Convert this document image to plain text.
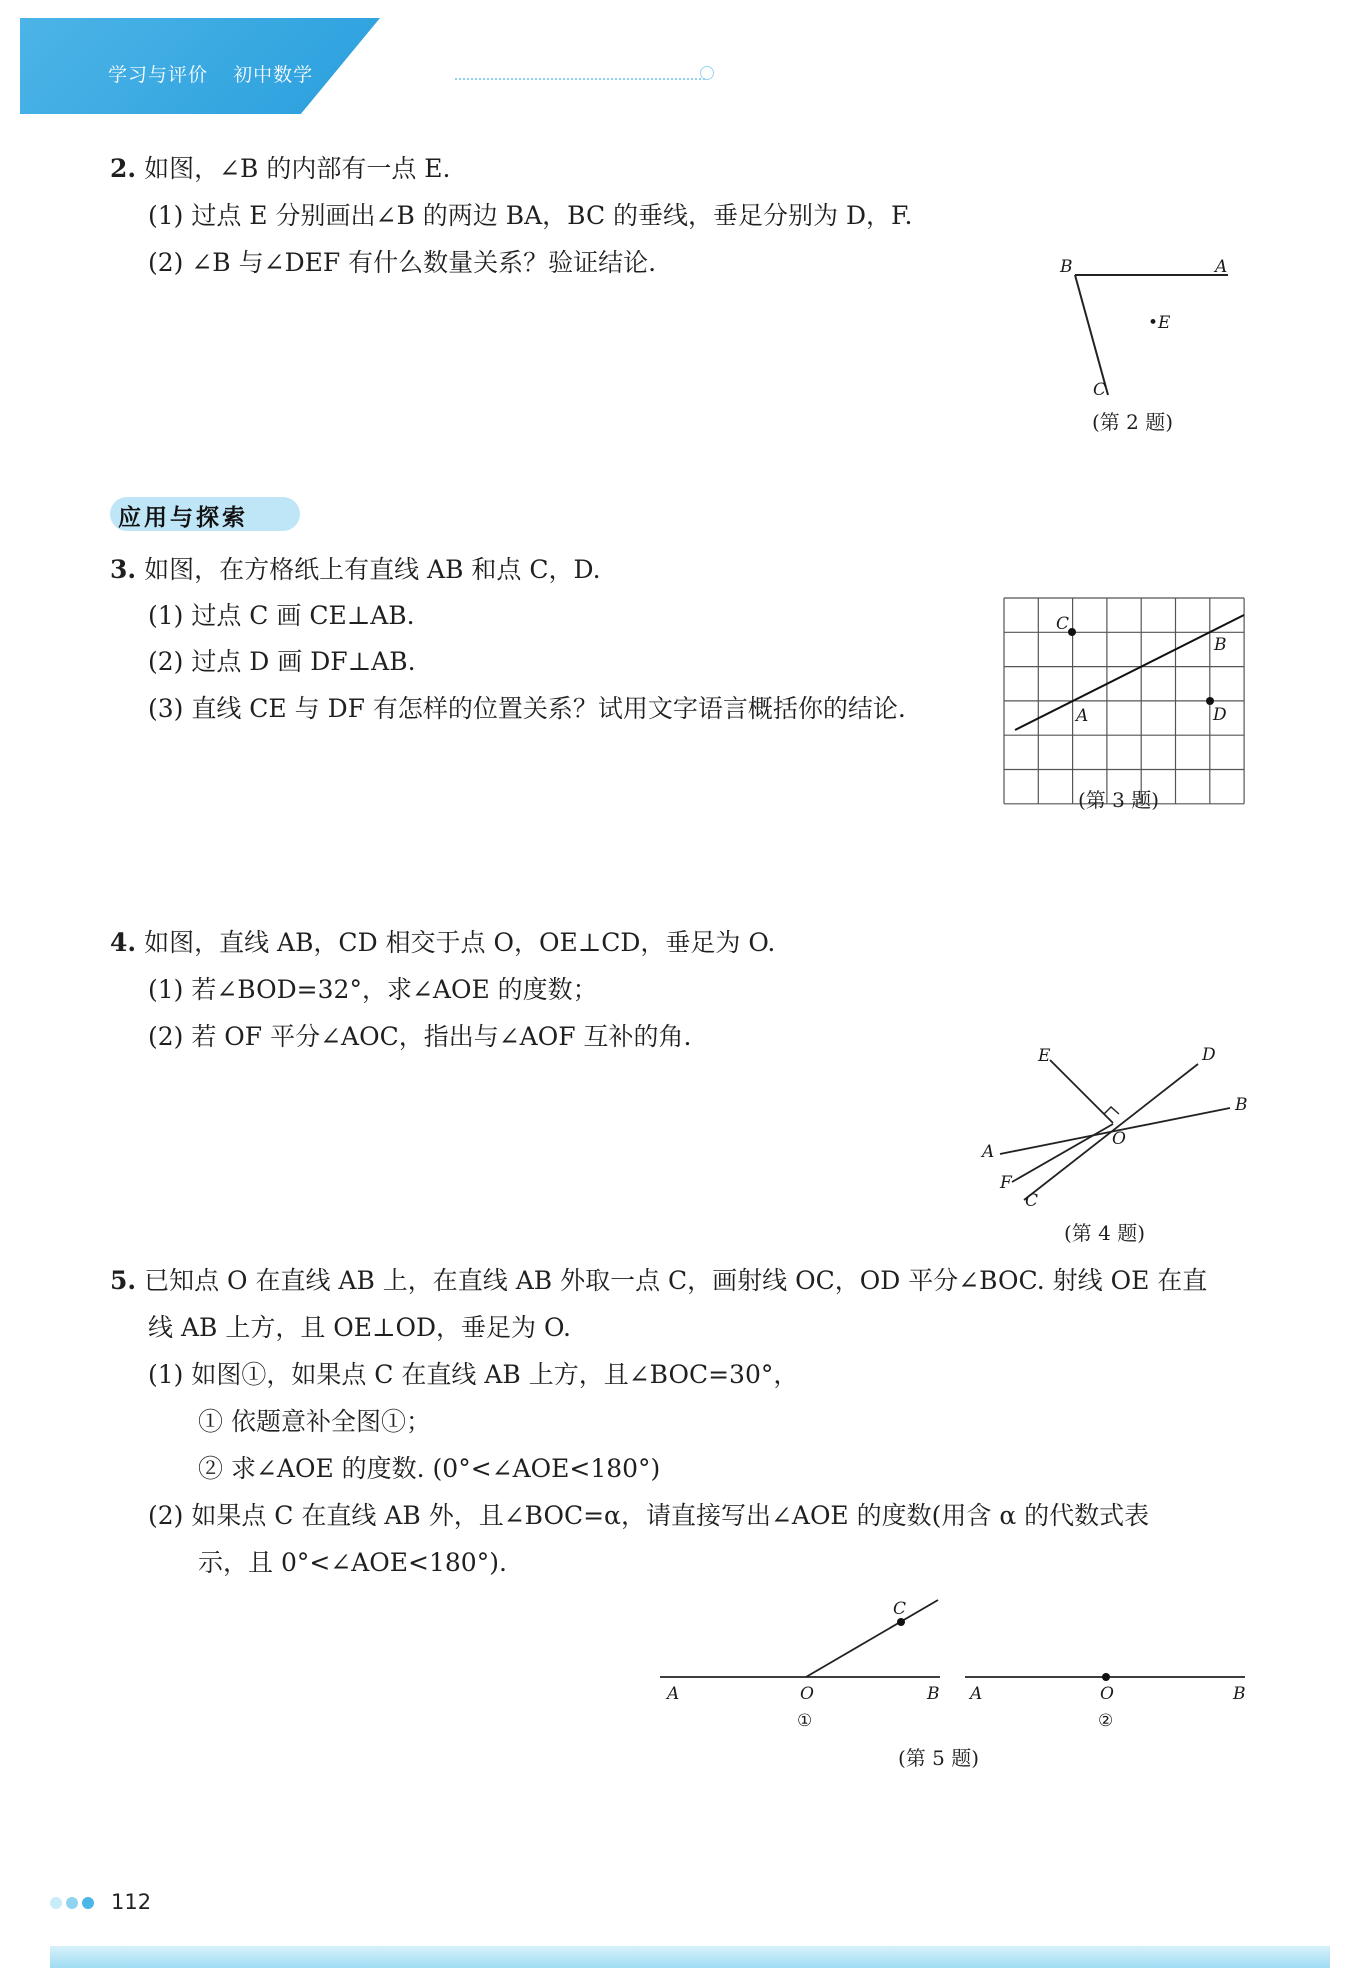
学习与评价 初中数学 七年级上册
2. 如图，∠B 的内部有一点 E.
(1) 过点 E 分别画出∠B 的两边 BA，BC 的垂线，垂足分别为 D，F.
(2) ∠B 与∠DEF 有什么数量关系？验证结论.	B	A
•E
C
(第 2 题)
应用与探索
3. 如图，在方格纸上有直线 AB 和点 C，D.
(1) 过点 C 画 CE⊥AB.
(2) 过点 D 画 DF⊥AB.
(3) 直线 CE 与 DF 有怎样的位置关系？试用文字语言概括你的结论.
C
B
A	D
(第 3 题)
4. 如图，直线 AB，CD 相交于点 O，OE⊥CD，垂足为 O.
(1) 若∠BOD=32°，求∠AOE 的度数；
(2) 若 OF 平分∠AOC，指出与∠AOF 互补的角.
E	D
B
A
O
F
C
(第 4 题)
5. 已知点 O 在直线 AB 上，在直线 AB 外取一点 C，画射线 OC，OD 平分∠BOC. 射线 OE 在直
线 AB 上方，且 OE⊥OD，垂足为 O.
(1) 如图①，如果点 C 在直线 AB 上方，且∠BOC=30°，
① 依题意补全图①；
② 求∠AOE 的度数. (0°<∠AOE<180°)
(2) 如果点 C 在直线 AB 外，且∠BOC=α，请直接写出∠AOE 的度数(用含 α 的代数式表
示，且 0°<∠AOE<180°).
A	O	B
C
①
A	O	B
②
(第 5 题)
112
